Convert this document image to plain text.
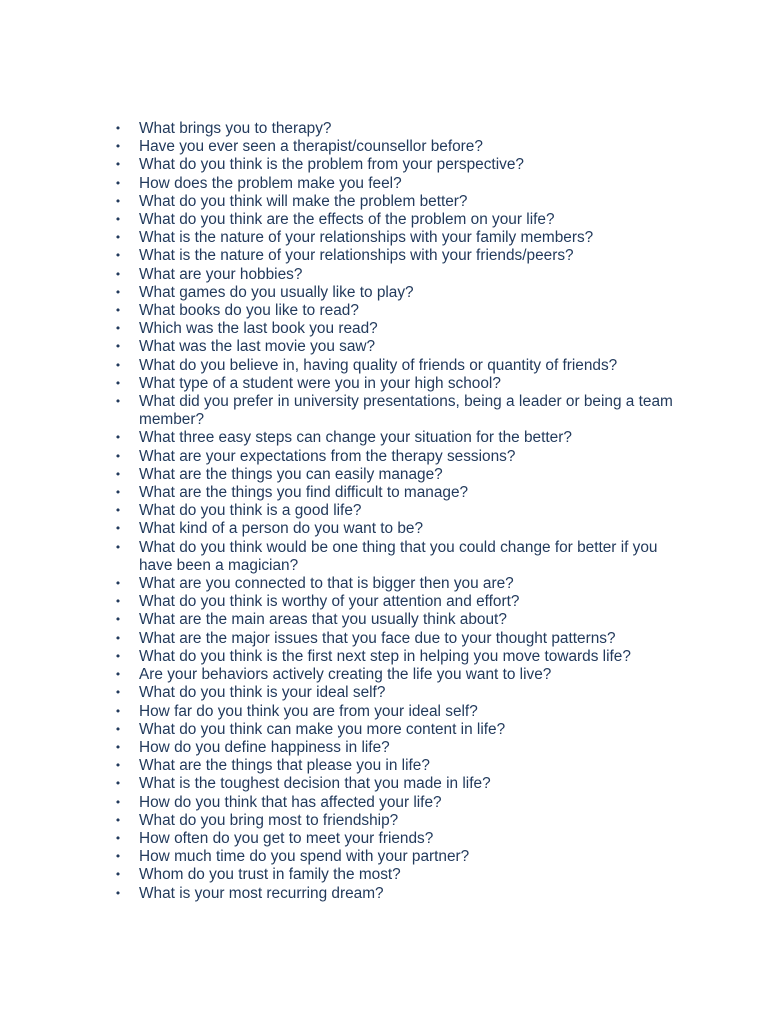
• What brings you to therapy?
• Have you ever seen a therapist/counsellor before?
• What do you think is the problem from your perspective?
• How does the problem make you feel?
• What do you think will make the problem better?
• What do you think are the effects of the problem on your life?
• What is the nature of your relationships with your family members?
• What is the nature of your relationships with your friends/peers?
• What are your hobbies?
• What games do you usually like to play?
• What books do you like to read?
• Which was the last book you read?
• What was the last movie you saw?
• What do you believe in, having quality of friends or quantity of friends?
• What type of a student were you in your high school?
• What did you prefer in university presentations, being a leader or being a team member?
• What three easy steps can change your situation for the better?
• What are your expectations from the therapy sessions?
• What are the things you can easily manage?
• What are the things you find difficult to manage?
• What do you think is a good life?
• What kind of a person do you want to be?
• What do you think would be one thing that you could change for better if you have been a magician?
• What are you connected to that is bigger then you are?
• What do you think is worthy of your attention and effort?
• What are the main areas that you usually think about?
• What are the major issues that you face due to your thought patterns?
• What do you think is the first next step in helping you move towards life?
• Are your behaviors actively creating the life you want to live?
• What do you think is your ideal self?
• How far do you think you are from your ideal self?
• What do you think can make you more content in life?
• How do you define happiness in life?
• What are the things that please you in life?
• What is the toughest decision that you made in life?
• How do you think that has affected your life?
• What do you bring most to friendship?
• How often do you get to meet your friends?
• How much time do you spend with your partner?
• Whom do you trust in family the most?
• What is your most recurring dream?
